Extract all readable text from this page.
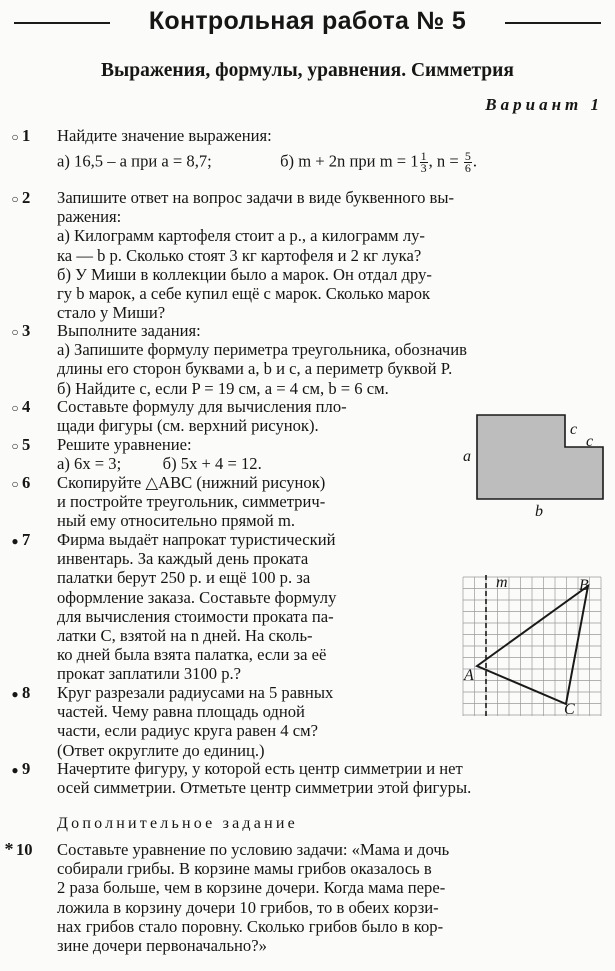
Контрольная работа № 5
Выражения, формулы, уравнения. Симметрия
Вариант 1
○ 1	Найдите значение выражения:
а) 16,5 – a при a = 8,7;	б) m + 2n при $m = 1 \frac{1}{3}$ , $n = \frac{5}{6}$ .
○ 2	Запишите ответ на вопрос задачи в виде буквенного вы-
ражения:
а) Килограмм картофеля стоит a р., а килограмм лу-
ка — b р. Сколько стоят 3 кг картофеля и 2 кг лука?
б) У Миши в коллекции было a марок. Он отдал дру-
гу b марок, а себе купил ещё c марок. Сколько марок
стало у Миши?
○ 3	Выполните задания:
а) Запишите формулу периметра треугольника, обозначив
длины его сторон буквами a, b и c, а периметр буквой P.
б) Найдите c, если P = 19 см, a = 4 см, b = 6 см.
○ 4	Составьте формулу для вычисления пло-
щади фигуры (см. верхний рисунок).
○ 5	Решите уравнение:
а) 6x = 3;          б) 5x + 4 = 12.
○ 6	Скопируйте △ABC (нижний рисунок)
и постройте треугольник, симметрич-
ный ему относительно прямой m.
● 7	Фирма выдаёт напрокат туристический
инвентарь. За каждый день проката
палатки берут 250 р. и ещё 100 р. за
оформление заказа. Составьте формулу
для вычисления стоимости проката па-
латки C, взятой на n дней. На сколь-
ко дней была взята палатка, если за её
прокат заплатили 3100 р.?
● 8	Круг разрезали радиусами на 5 равных
частей. Чему равна площадь одной
части, если радиус круга равен 4 см?
(Ответ округлите до единиц.)
● 9	Начертите фигуру, у которой есть центр симметрии и нет
осей симметрии. Отметьте центр симметрии этой фигуры.
Дополнительное задание
* 10	Составьте уравнение по условию задачи: «Мама и дочь
собирали грибы. В корзине мамы грибов оказалось в
2 раза больше, чем в корзине дочери. Когда мама пере-
ложила в корзину дочери 10 грибов, то в обеих корзи-
нах грибов стало поровну. Сколько грибов было в кор-
зине дочери первоначально?»
a
b
c
c
m
A
B
C
